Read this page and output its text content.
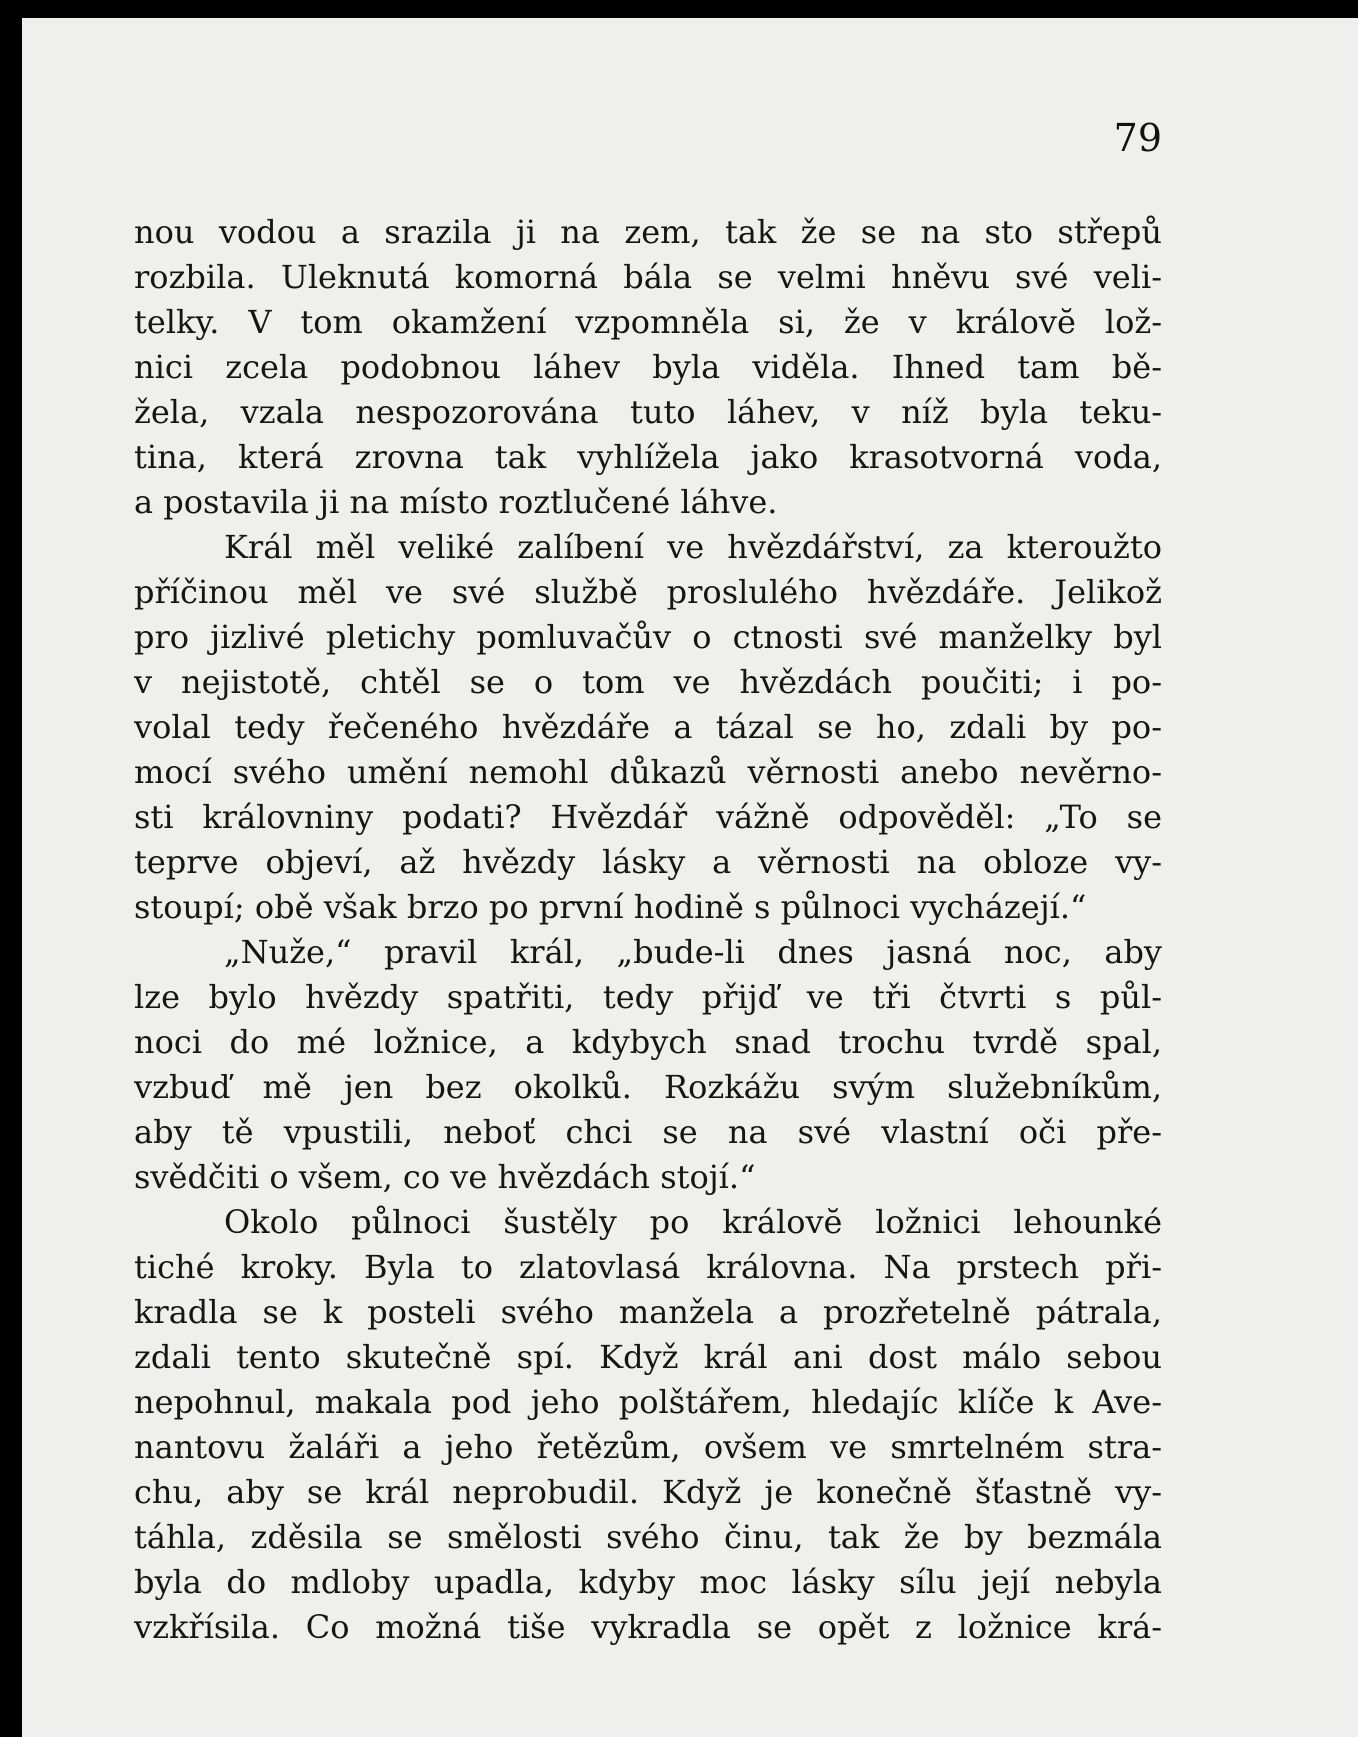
79

nou vodou a srazila ji na zem, tak že se na sto střepů
rozbila. Uleknutá komorná bála se velmi hněvu své veli-
telky. V tom okamžení vzpomněla si, že v královĕ lož-
nici zcela podobnou láhev byla viděla. Ihned tam bě-
žela, vzala nespozorována tuto láhev, v níž byla teku-
tina, která zrovna tak vyhlížela jako krasotvorná voda,
a postavila ji na místo roztlučené láhve.
Král měl veliké zalíbení ve hvězdářství, za kteroužto
příčinou měl ve své službě proslulého hvězdáře. Jelikož
pro jizlivé pletichy pomluvačův o ctnosti své manželky byl
v nejistotě, chtěl se o tom ve hvězdách poučiti; i po-
volal tedy řečeného hvězdáře a tázal se ho, zdali by po-
mocí svého umění nemohl důkazů věrnosti anebo nevěrno-
sti královniny podati? Hvězdář vážně odpověděl: „To se
teprve objeví, až hvězdy lásky a věrnosti na obloze vy-
stoupí; obě však brzo po první hodině s půlnoci vycházejí.“
„Nuže,“ pravil král, „bude-li dnes jasná noc, aby
lze bylo hvězdy spatřiti, tedy přijď ve tři čtvrti s půl-
noci do mé ložnice, a kdybych snad trochu tvrdě spal,
vzbuď mě jen bez okolků. Rozkážu svým služebníkům,
aby tě vpustili, neboť chci se na své vlastní oči pře-
svědčiti o všem, co ve hvězdách stojí.“
Okolo půlnoci šustěly po královĕ ložnici lehounké
tiché kroky. Byla to zlatovlasá královna. Na prstech při-
kradla se k posteli svého manžela a prozřetelně pátrala,
zdali tento skutečně spí. Když král ani dost málo sebou
nepohnul, makala pod jeho polštářem, hledajíc klíče k Ave-
nantovu žaláři a jeho řetězům, ovšem ve smrtelném stra-
chu, aby se král neprobudil. Když je konečně šťastně vy-
táhla, zděsila se smělosti svého činu, tak že by bezmála
byla do mdloby upadla, kdyby moc lásky sílu její nebyla
vzkřísila. Co možná tiše vykradla se opět z ložnice krá-
